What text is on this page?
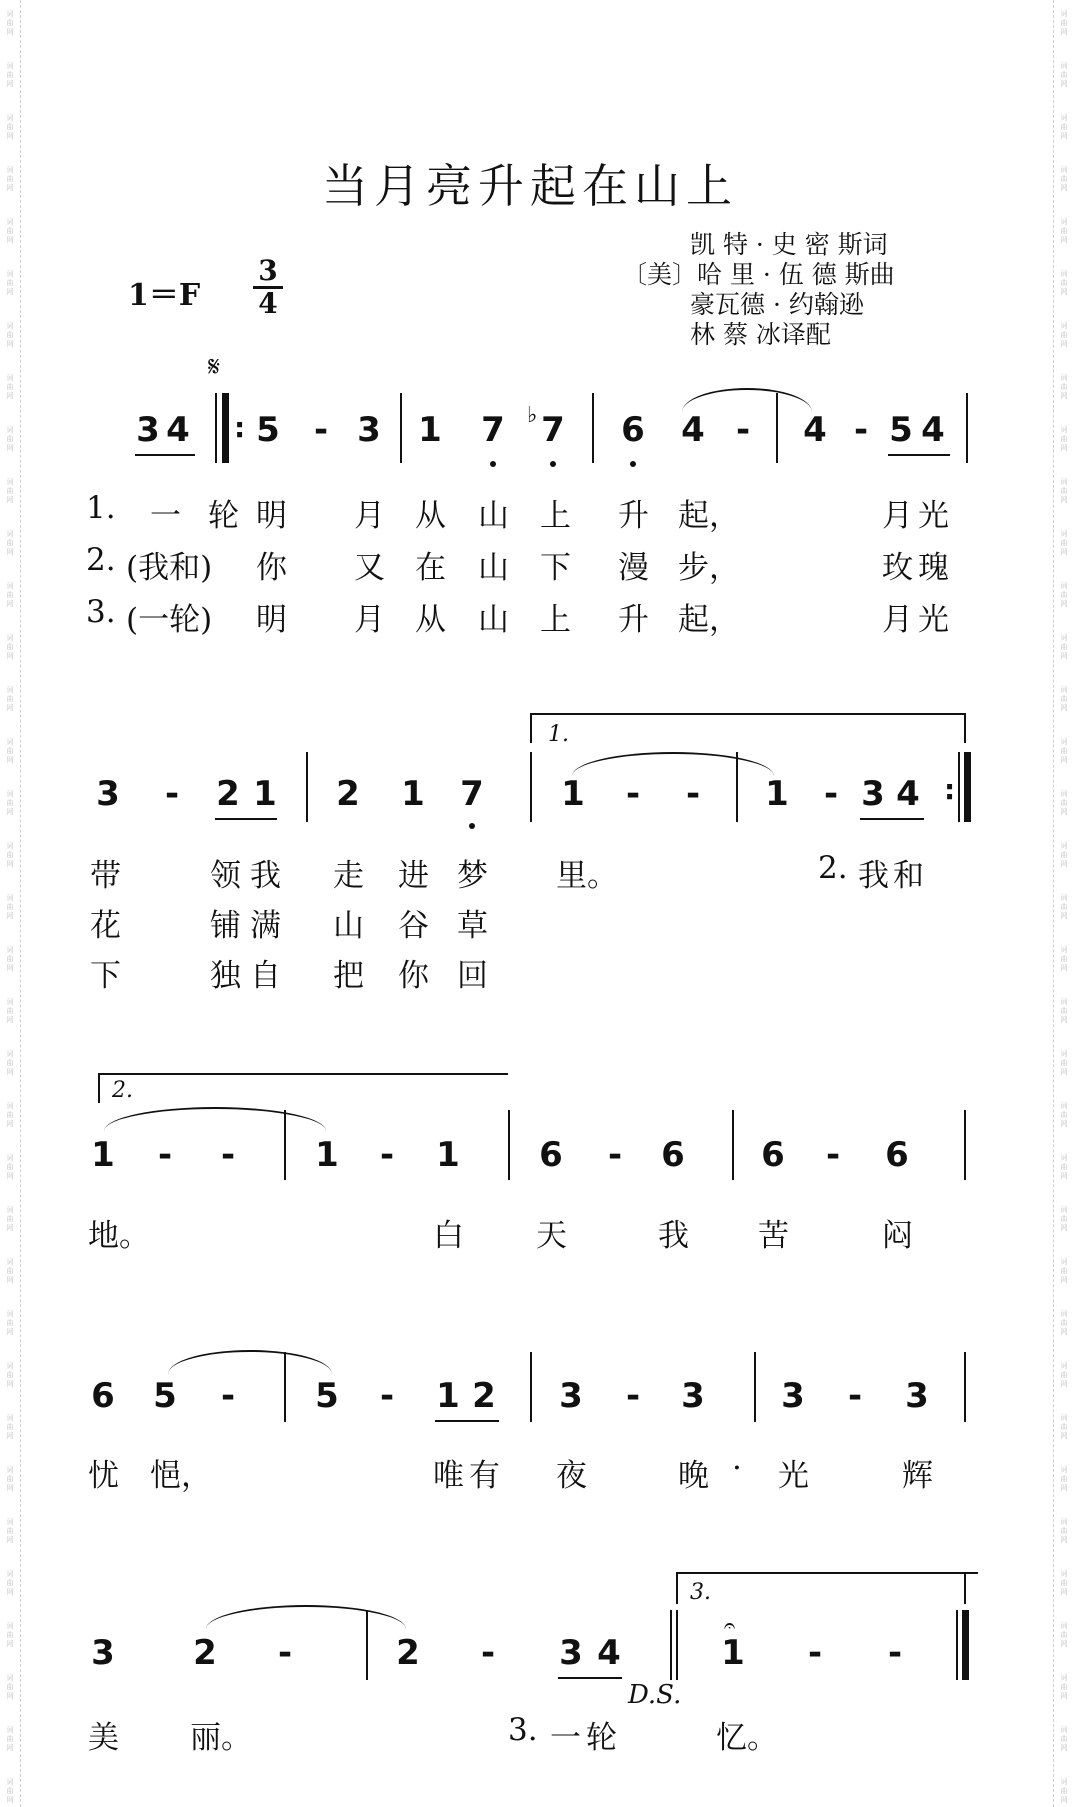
词
曲
网
词
曲
网
词
曲
网
词
曲
网
词
曲
网
词
曲
网
词
曲
网
词
曲
网
词
曲
网
词
曲
网
词
曲
网
词
曲
网
词
曲
网
词
曲
网
词
曲
网
词
曲
网
词
曲
网
词
曲
网
词
曲
网
词
曲
网
词
曲
网
词
曲
网
词
曲
网
词
曲
网
词
曲
网
词
曲
网
词
曲
网
词
曲
网
词
曲
网
词
曲
网
词
曲
网
词
曲
网
词
曲
网
词
曲
网
词
曲
网
词
曲
网
词
曲
网
词
曲
网
词
曲
网
词
曲
网
词
曲
网
词
曲
网
词
曲
网
词
曲
网
词
曲
网
词
曲
网
词
曲
网
词
曲
网
词
曲
网
词
曲
网
词
曲
网
词
曲
网
词
曲
网
词
曲
网
词
曲
网
词
曲
网
词
曲
网
词
曲
网
词
曲
网
词
曲
网
词
曲
网
词
曲
网
词
曲
网
词
曲
网
词
曲
网
词
曲
网
词
曲
网
词
曲
网
词
曲
网
词
曲
网
当月亮升起在山上
凯 特 · 史 密 斯词
〔美〕哈 里 · 伍 德 斯曲
豪瓦德 · 约翰逊
林 蔡 冰译配
1＝F
3
4
𝄋
3 4 : 5 - 3 1 7 ♭ 7 6 4 - 4 - 5 4
1. 一 轮 明 月 从 山 上 升 起，	月 光
2. (我和) 你 又 在 山 下 漫 步，	玫 瑰
3. (一轮) 明 月 从 山 上 升 起，	月 光
1.
3 - 2 1 2 1 7 1 - - 1 - 3 4 :
带	领 我 走 进 梦 里。	2. 我 和
花	铺 满 山 谷 草
下	独 自 把 你 回
2.
1 - - 1 - 1 6 - 6 6 - 6
地。	白 天	我 苦	闷
6 5 - 5 - 1 2 3 - 3 3 - 3
忧 悒，	唯 有 夜	晚 · 光	辉
3.
3 2 -	2 - 3 4
𝄐
1 - -
D.S.
美 丽。	3. 一 轮	忆。
